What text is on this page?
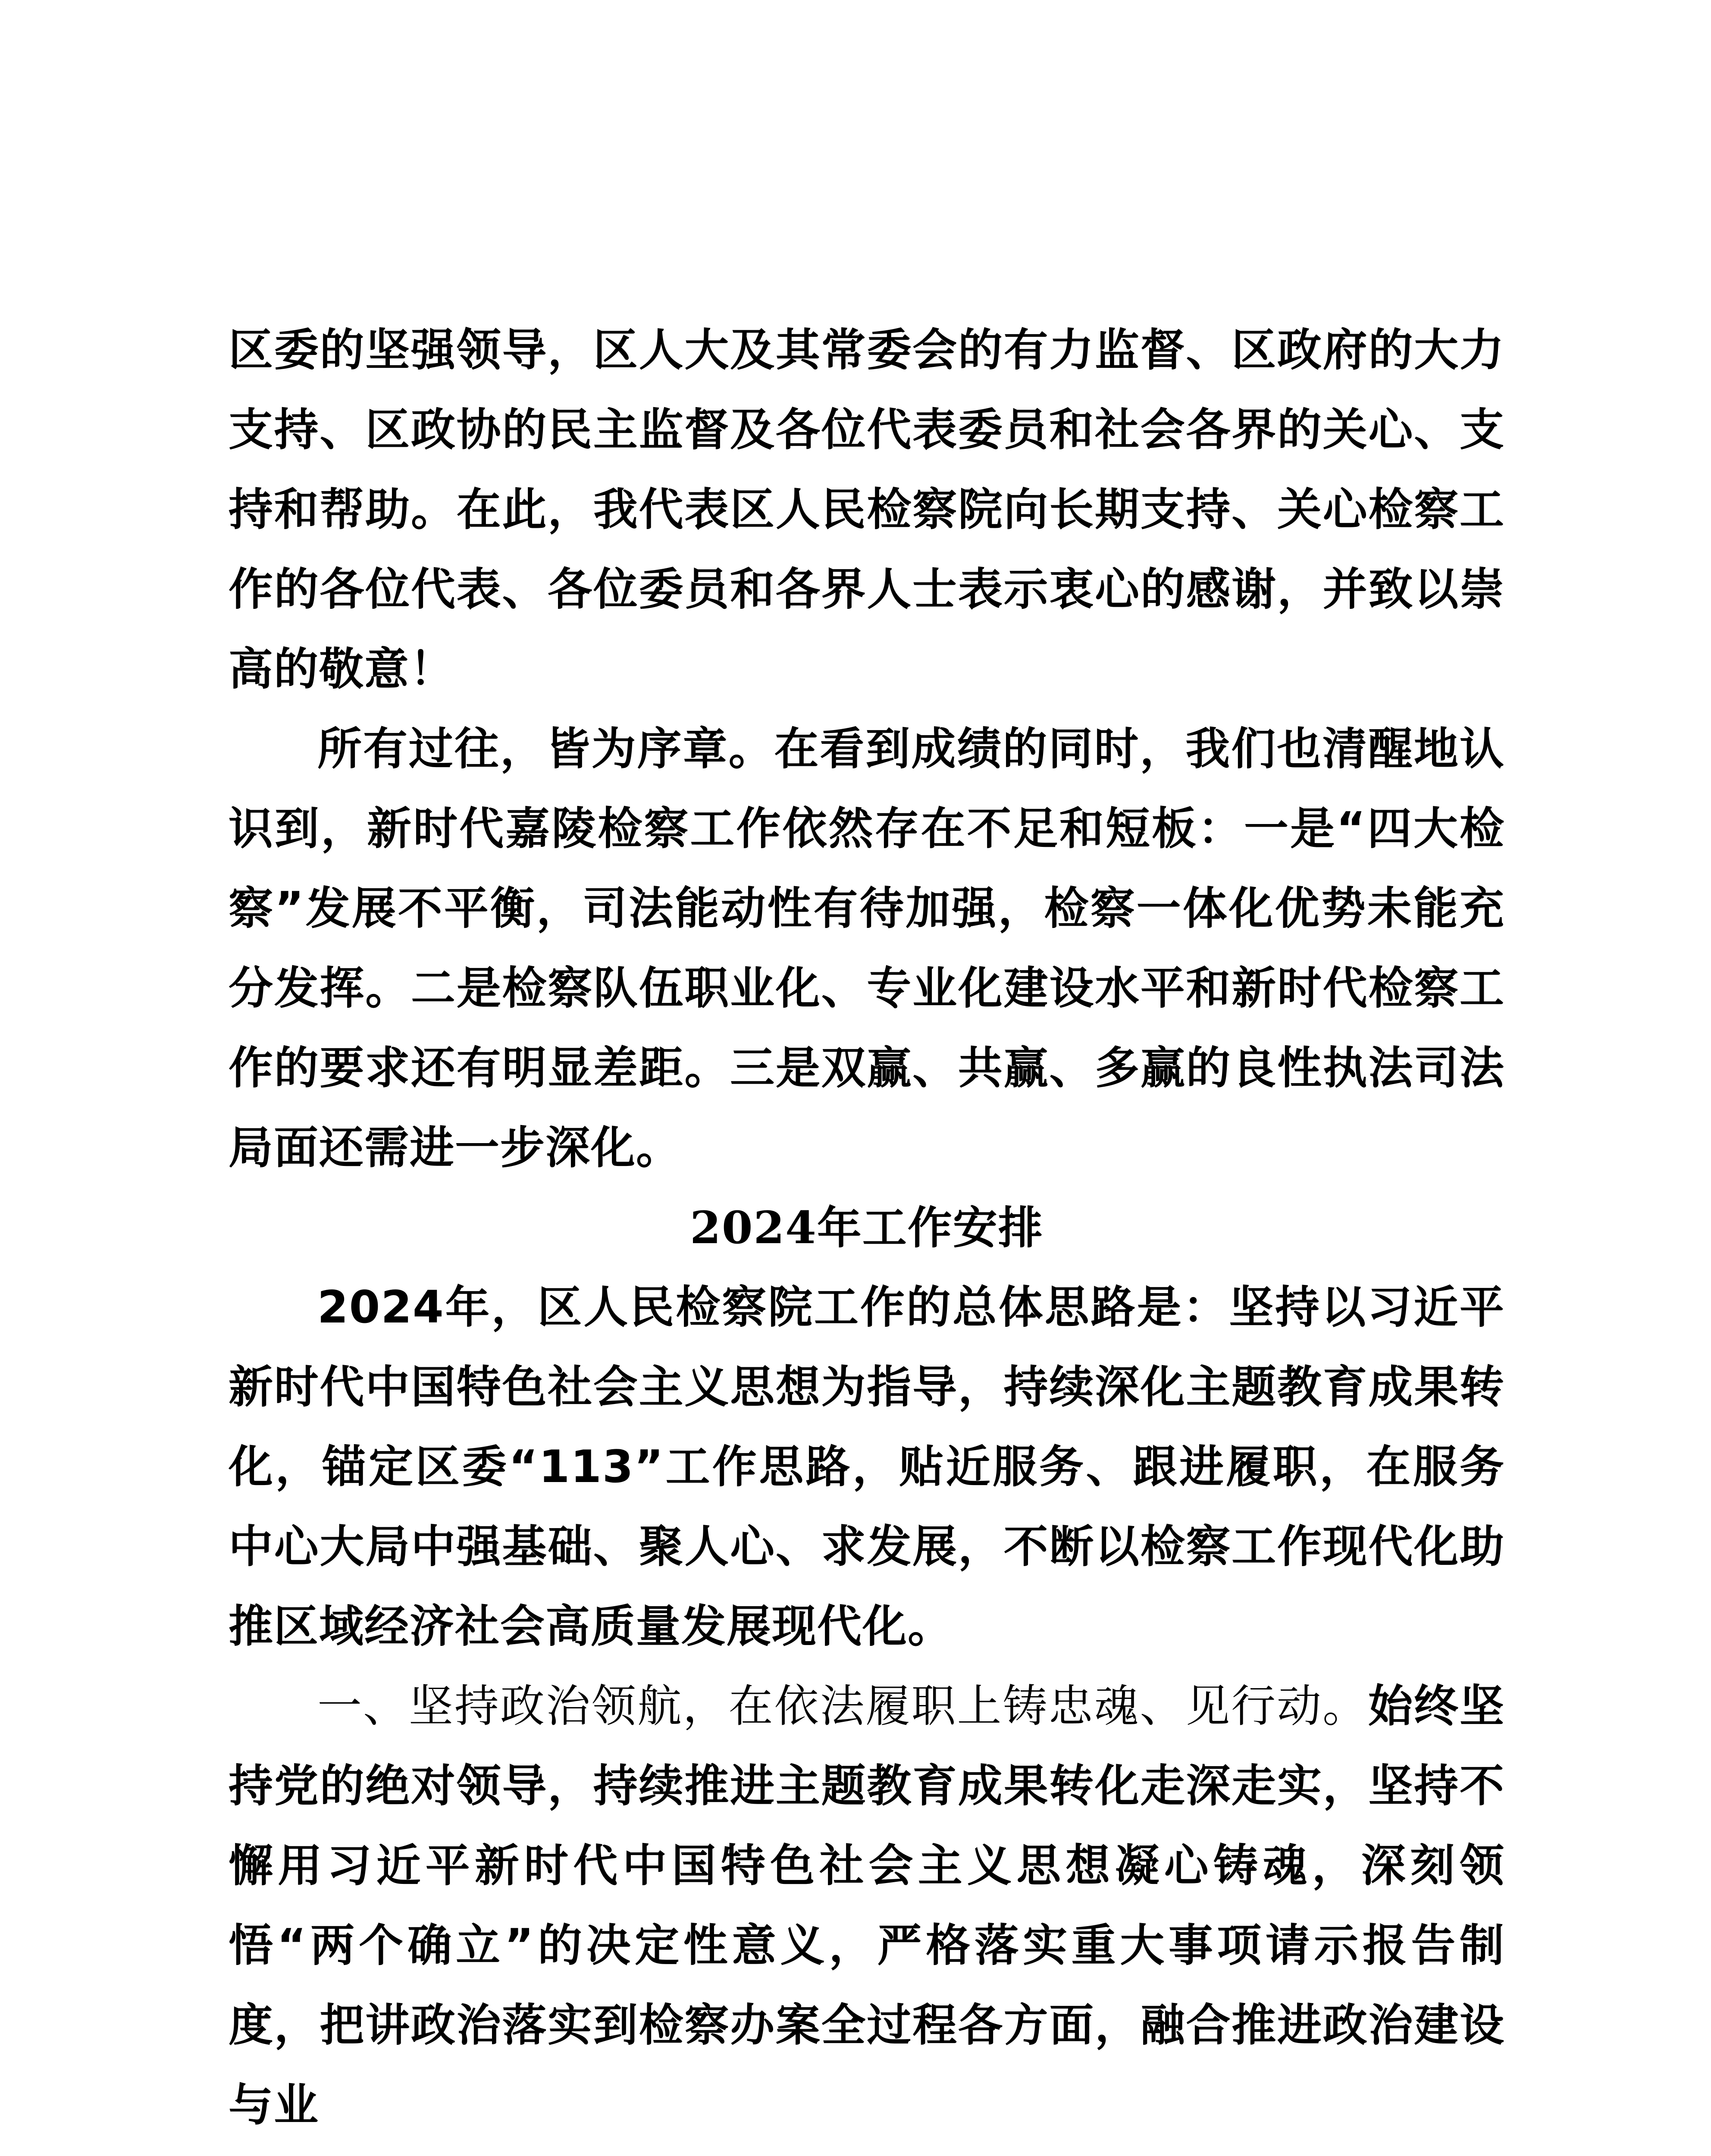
区委的坚强领导，区人大及其常委会的有力监督、区政府的大力支持、区政协的民主监督及各位代表委员和社会各界的关心、支持和帮助。在此，我代表区人民检察院向长期支持、关心检察工作的各位代表、各位委员和各界人士表示衷心的感谢，并致以崇高的敬意！
所有过往，皆为序章。在看到成绩的同时，我们也清醒地认识到，新时代嘉陵检察工作依然存在不足和短板：一是“四大检察”发展不平衡，司法能动性有待加强，检察一体化优势未能充分发挥。二是检察队伍职业化、专业化建设水平和新时代检察工作的要求还有明显差距。三是双赢、共赢、多赢的良性执法司法局面还需进一步深化。
2024年工作安排
2024年，区人民检察院工作的总体思路是：坚持以习近平新时代中国特色社会主义思想为指导，持续深化主题教育成果转化，锚定区委“113”工作思路，贴近服务、跟进履职，在服务中心大局中强基础、聚人心、求发展，不断以检察工作现代化助推区域经济社会高质量发展现代化。
一、坚持政治领航，在依法履职上铸忠魂、见行动。始终坚持党的绝对领导，持续推进主题教育成果转化走深走实，坚持不懈用习近平新时代中国特色社会主义思想凝心铸魂，深刻领悟“两个确立”的决定性意义，严格落实重大事项请示报告制度，把讲政治落实到检察办案全过程各方面，融合推进政治建设与业
